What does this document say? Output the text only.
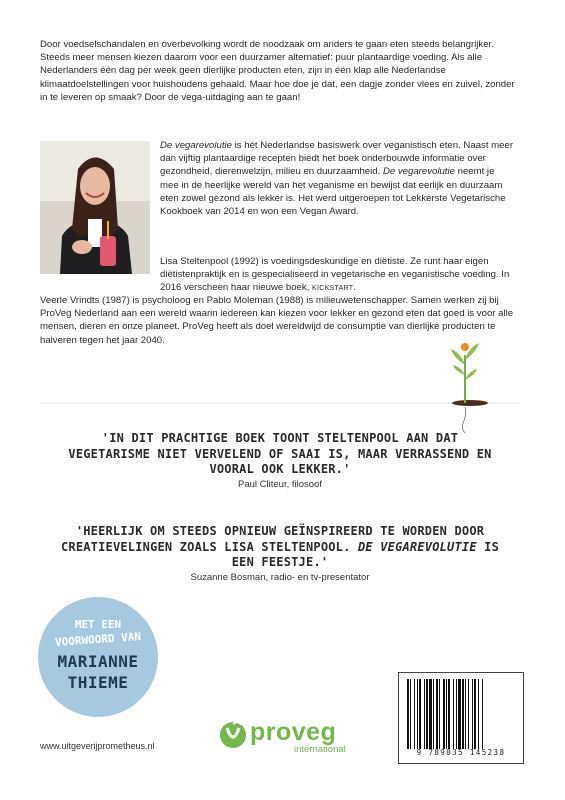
Door voedselschandalen en overbevolking wordt de noodzaak om anders te gaan eten steeds belangrijker. Steeds meer mensen kiezen daarom voor een duurzamer alternatief: puur plantaardige voeding. Als alle Nederlanders één dag per week geen dierlijke producten eten, zijn in één klap alle Nederlandse klimaatdoelstellingen voor huishoudens gehaald. Maar hoe doe je dat, een dagje zonder vlees en zuivel, zonder in te leveren op smaak? Door de vega-uitdaging aan te gaan!

De vegarevolutie is hét Nederlandse basiswerk over veganistisch eten. Naast meer dan vijftig plantaardige recepten biedt het boek onderbouwde informatie over gezondheid, dierenwelzijn, milieu en duurzaamheid. De vegarevolutie neemt je mee in de heerlijke wereld van het veganisme en bewijst dat eerlijk en duurzaam eten zowel gezond als lekker is. Het werd uitgeroepen tot Lekkerste Vegetarische Kookboek van 2014 en won een Vegan Award.

Lisa Steltenpool (1992) is voedingsdeskundige en diëtiste. Ze runt haar eigen diëtistenpraktijk en is gespecialiseerd in vegetarische en veganistische voeding. In 2016 verscheen haar nieuwe boek, KICKSTART.

Veerle Vrindts (1987) is psycholoog en Pablo Moleman (1988) is milieuwetenschapper. Samen werken zij bij ProVeg Nederland aan een wereld waarin iedereen kan kiezen voor lekker en gezond eten dat goed is voor alle mensen, dieren en onze planeet. ProVeg heeft als doel wereldwijd de consumptie van dierlijke producten te halveren tegen het jaar 2040.

'IN DIT PRACHTIGE BOEK TOONT STELTENPOOL AAN DAT VEGETARISME NIET VERVELEND OF SAAI IS, MAAR VERRASSEND EN VOORAL OOK LEKKER.'
Paul Cliteur, filosoof
'HEERLIJK OM STEEDS OPNIEUW GEÏNSPIREERD TE WORDEN DOOR CREATIEVELINGEN ZOALS LISA STELTENPOOL. DE VEGAREVOLUTIE IS EEN FEESTJE.'
Suzanne Bosman, radio- en tv-presentator
MET EEN
VOORWOORD VAN
MARIANNE
THIEME
www.uitgeverijprometheus.nl	proveg
international	9 789035 145238
